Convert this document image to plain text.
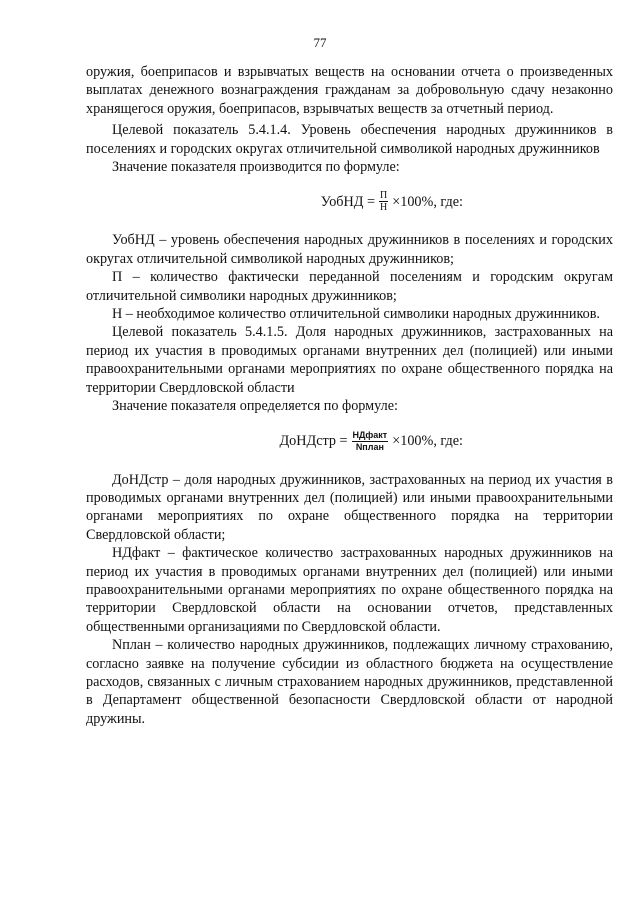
77

оружия, боеприпасов и взрывчатых веществ на основании отчета о произведенных выплатах денежного вознаграждения гражданам за добровольную сдачу незаконно хранящегося оружия, боеприпасов, взрывчатых веществ за отчетный период.

Целевой показатель 5.4.1.4. Уровень обеспечения народных дружинников в поселениях и городских округах отличительной символикой народных дружинников

Значение показателя производится по формуле:

УобНД = $\frac{П}{Н} \times 100\%$, где:

УобНД – уровень обеспечения народных дружинников в поселениях и городских округах отличительной символикой народных дружинников;

П – количество фактически переданной поселениям и городским округам отличительной символики народных дружинников;

Н – необходимое количество отличительной символики народных дружинников.

Целевой показатель 5.4.1.5. Доля народных дружинников, застрахованных на период их участия в проводимых органами внутренних дел (полицией) или иными правоохранительными органами мероприятиях по охране общественного порядка на территории Свердловской области

Значение показателя определяется по формуле:

ДоНДстр = $\frac{\text{НДфакт}}{\text{Nплан}} \times 100\%$, где:

ДоНДстр – доля народных дружинников, застрахованных на период их участия в проводимых органами внутренних дел (полицией) или иными правоохранительными органами мероприятиях по охране общественного порядка на территории Свердловской области;

НДфакт – фактическое количество застрахованных народных дружинников на период их участия в проводимых органами внутренних дел (полицией) или иными правоохранительными органами мероприятиях по охране общественного порядка на территории Свердловской области на основании отчетов, представленных общественными организациями по Свердловской области.

Nплан – количество народных дружинников, подлежащих личному страхованию, согласно заявке на получение субсидии из областного бюджета на осуществление расходов, связанных с личным страхованием народных дружинников, представленной в Департамент общественной безопасности Свердловской области от народной дружины.
